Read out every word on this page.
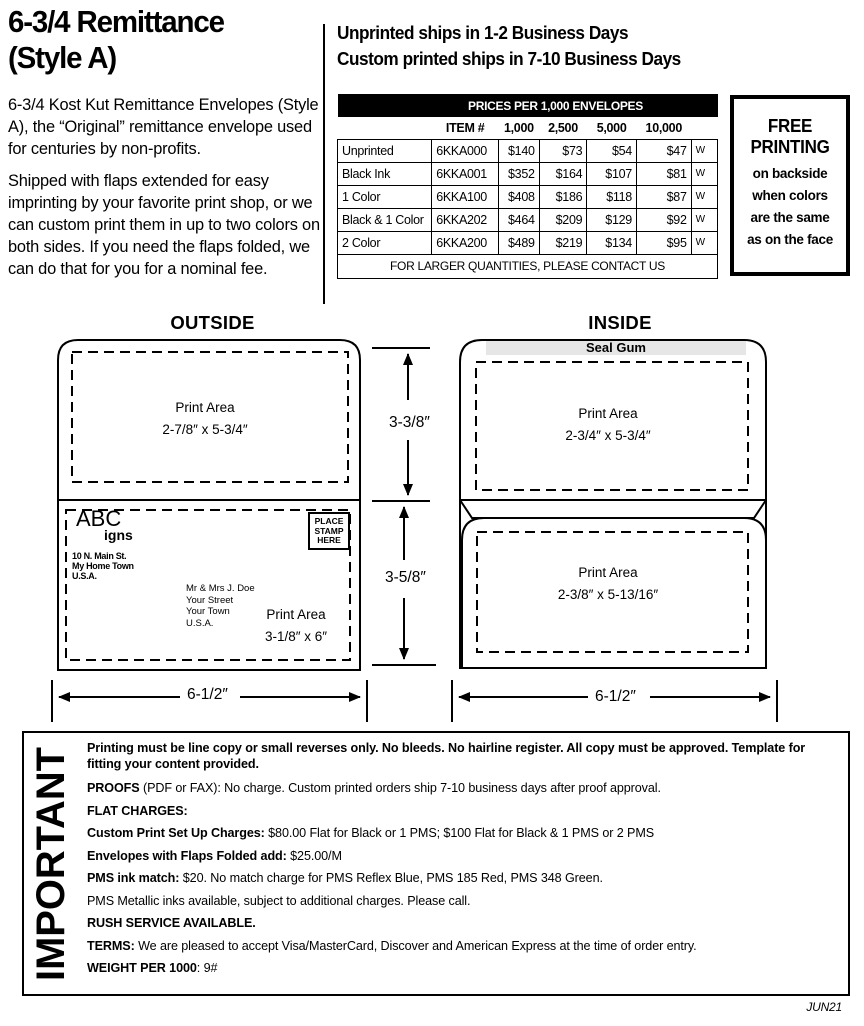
6-3/4 Remittance
(Style A)

6-3/4 Kost Kut Remittance Envelopes (Style A), the “Original” remittance envelope used for centuries by non-profits.

Shipped with flaps extended for easy imprinting by your favorite print shop, or we can custom print them in up to two colors on both sides. If you need the flaps folded, we can do that for you for a nominal fee.

Unprinted ships in 1-2 Business Days
Custom printed ships in 7-10 Business Days
PRICES PER 1,000 ENVELOPES						
	ITEM #	1,000	2,500	5,000	10,000	
Unprinted	6KKA000	$140	$73	$54	$47	W
Black Ink	6KKA001	$352	$164	$107	$81	W
1 Color	6KKA100	$408	$186	$118	$87	W
Black & 1 Color	6KKA202	$464	$209	$129	$92	W
2 Color	6KKA200	$489	$219	$134	$95	W
FOR LARGER QUANTITIES, PLEASE CONTACT US						
FREE
PRINTING
on backside
when colors
are the same
as on the face
OUTSIDE	INSIDE
Print Area
2-7/8″ x 5-3/4″
ABC
igns
10 N. Main St.
My Home Town
U.S.A.
PLACE
STAMP
HERE
Mr & Mrs J. Doe
Your Street
Your Town
U.S.A.
Print Area
3-1/8″ x 6″
Seal Gum
Print Area
2-3/4″ x 5-3/4″
Print Area
2-3/8″ x 5-13/16″
3-3/8″
3-5/8″
6-1/2″	6-1/2″
IMPORTANT Printing must be line copy or small reverses only. No bleeds. No hairline register. All copy must be approved. Template for fitting your content provided.
PROOFS (PDF or FAX): No charge. Custom printed orders ship 7-10 business days after proof approval.
FLAT CHARGES:
Custom Print Set Up Charges: $80.00 Flat for Black or 1 PMS; $100 Flat for Black & 1 PMS or 2 PMS
Envelopes with Flaps Folded add: $25.00/M
PMS ink match: $20. No match charge for PMS Reflex Blue, PMS 185 Red, PMS 348 Green.
PMS Metallic inks available, subject to additional charges. Please call.
RUSH SERVICE AVAILABLE.
TERMS: We are pleased to accept Visa/MasterCard, Discover and American Express at the time of order entry.
WEIGHT PER 1000: 9#
JUN21
